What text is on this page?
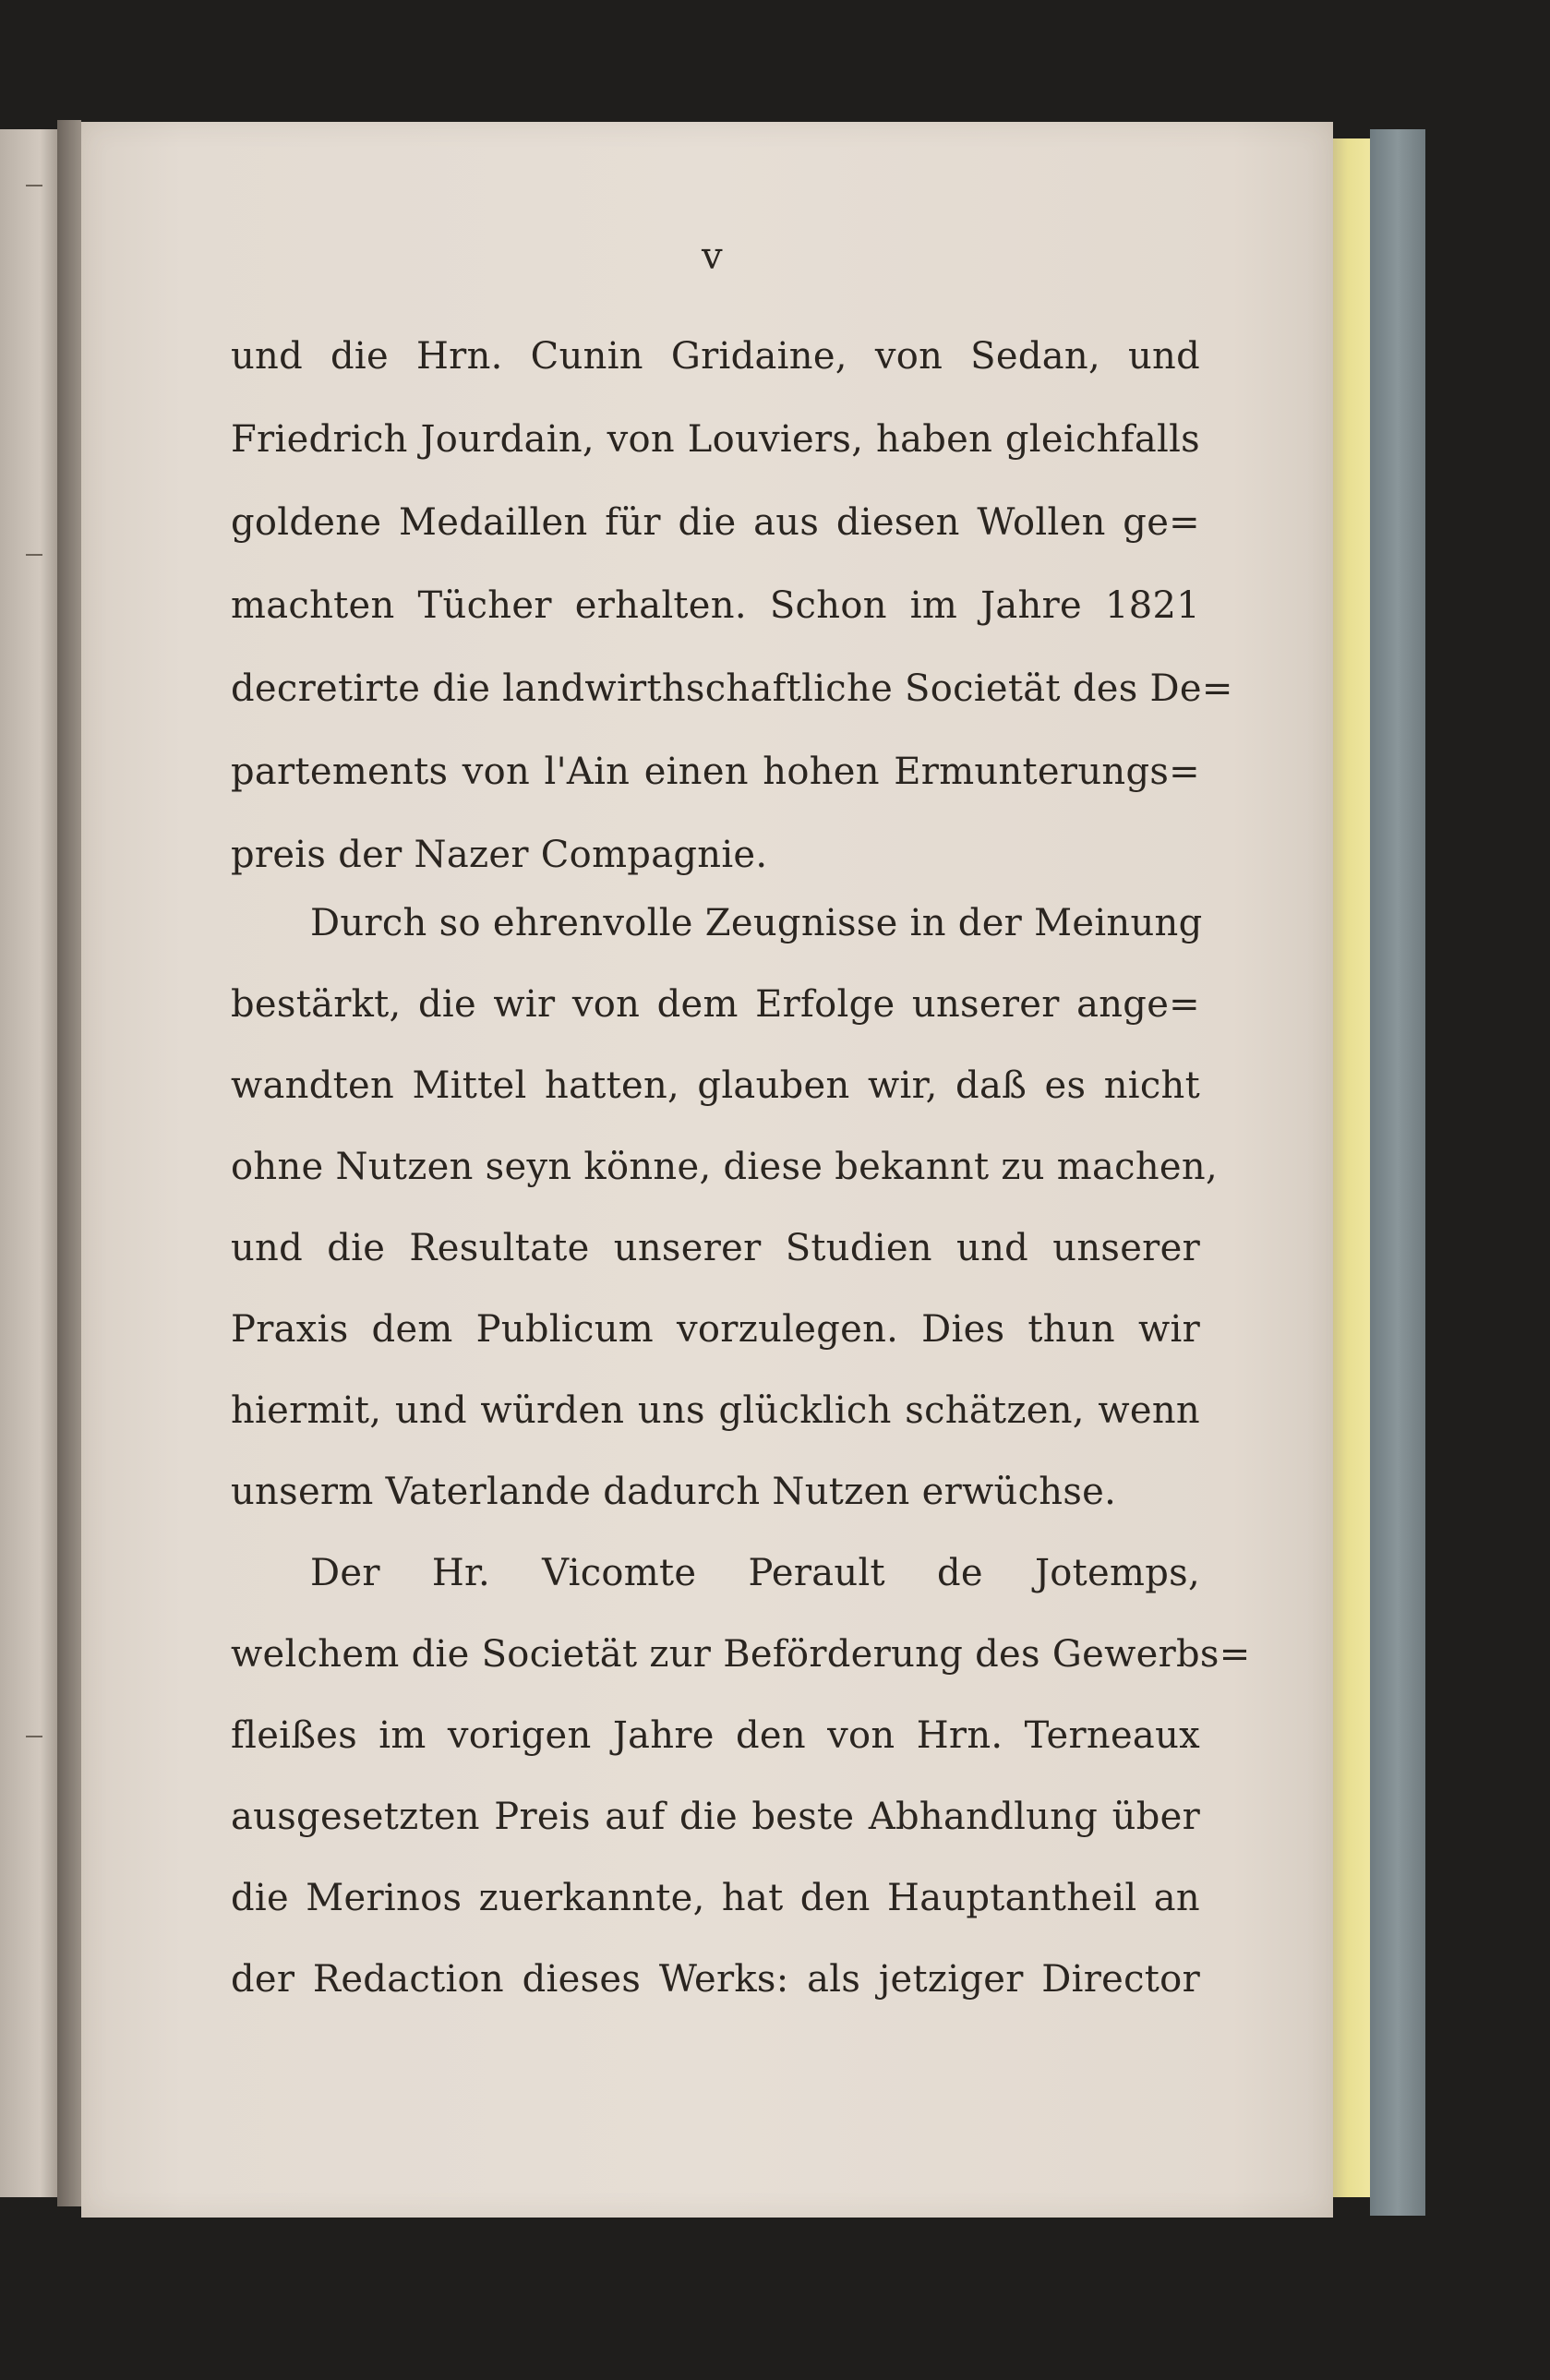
v
und die Hrn. Cunin Gridaine, von Sedan, und
Friedrich Jourdain, von Louviers, haben gleichfalls
goldene Medaillen für die aus diesen Wollen ge=
machten Tücher erhalten. Schon im Jahre 1821
decretirte die landwirthschaftliche Societät des De=
partements von l'Ain einen hohen Ermunterungs=
preis der Nazer Compagnie.
Durch so ehrenvolle Zeugnisse in der Meinung
bestärkt, die wir von dem Erfolge unserer ange=
wandten Mittel hatten, glauben wir, daß es nicht
ohne Nutzen seyn könne, diese bekannt zu machen,
und die Resultate unserer Studien und unserer
Praxis dem Publicum vorzulegen. Dies thun wir
hiermit, und würden uns glücklich schätzen, wenn
unserm Vaterlande dadurch Nutzen erwüchse.
Der Hr. Vicomte Perault de Jotemps,
welchem die Societät zur Beförderung des Gewerbs=
fleißes im vorigen Jahre den von Hrn. Terneaux
ausgesetzten Preis auf die beste Abhandlung über
die Merinos zuerkannte, hat den Hauptantheil an
der Redaction dieses Werks: als jetziger Director
